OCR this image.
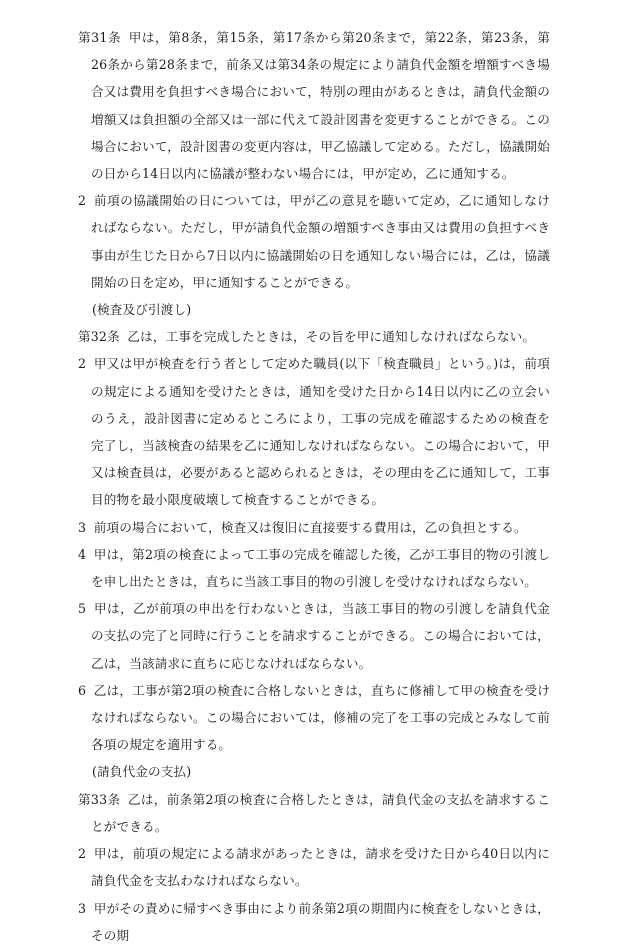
第31条 甲は，第8条，第15条，第17条から第20条まで，第22条，第23条，第26条から第28条まで，前条又は第34条の規定により請負代金額を増額すべき場合又は費用を負担すべき場合において，特別の理由があるときは，請負代金額の増額又は負担額の全部又は一部に代えて設計図書を変更することができる。この場合において，設計図書の変更内容は，甲乙協議して定める。ただし，協議開始の日から14日以内に協議が整わない場合には，甲が定め，乙に通知する。

2 前項の協議開始の日については，甲が乙の意見を聴いて定め，乙に通知しなければならない。ただし，甲が請負代金額の増額すべき事由又は費用の負担すべき事由が生じた日から7日以内に協議開始の日を通知しない場合には，乙は，協議開始の日を定め，甲に通知することができる。

(検査及び引渡し)

第32条 乙は，工事を完成したときは，その旨を甲に通知しなければならない。

2 甲又は甲が検査を行う者として定めた職員(以下「検査職員」という。)は，前項の規定による通知を受けたときは，通知を受けた日から14日以内に乙の立会いのうえ，設計図書に定めるところにより，工事の完成を確認するための検査を完了し，当該検査の結果を乙に通知しなければならない。この場合において，甲又は検査員は，必要があると認められるときは，その理由を乙に通知して，工事目的物を最小限度破壊して検査することができる。

3 前項の場合において，検査又は復旧に直接要する費用は，乙の負担とする。

4 甲は，第2項の検査によって工事の完成を確認した後，乙が工事目的物の引渡しを申し出たときは，直ちに当該工事目的物の引渡しを受けなければならない。

5 甲は，乙が前項の申出を行わないときは，当該工事目的物の引渡しを請負代金の支払の完了と同時に行うことを請求することができる。この場合においては，乙は，当該請求に直ちに応じなければならない。

6 乙は，工事が第2項の検査に合格しないときは，直ちに修補して甲の検査を受けなければならない。この場合においては，修補の完了を工事の完成とみなして前各項の規定を適用する。

(請負代金の支払)

第33条 乙は，前条第2項の検査に合格したときは，請負代金の支払を請求することができる。

2 甲は，前項の規定による請求があったときは，請求を受けた日から40日以内に請負代金を支払わなければならない。

3 甲がその責めに帰すべき事由により前条第2項の期間内に検査をしないときは，その期
